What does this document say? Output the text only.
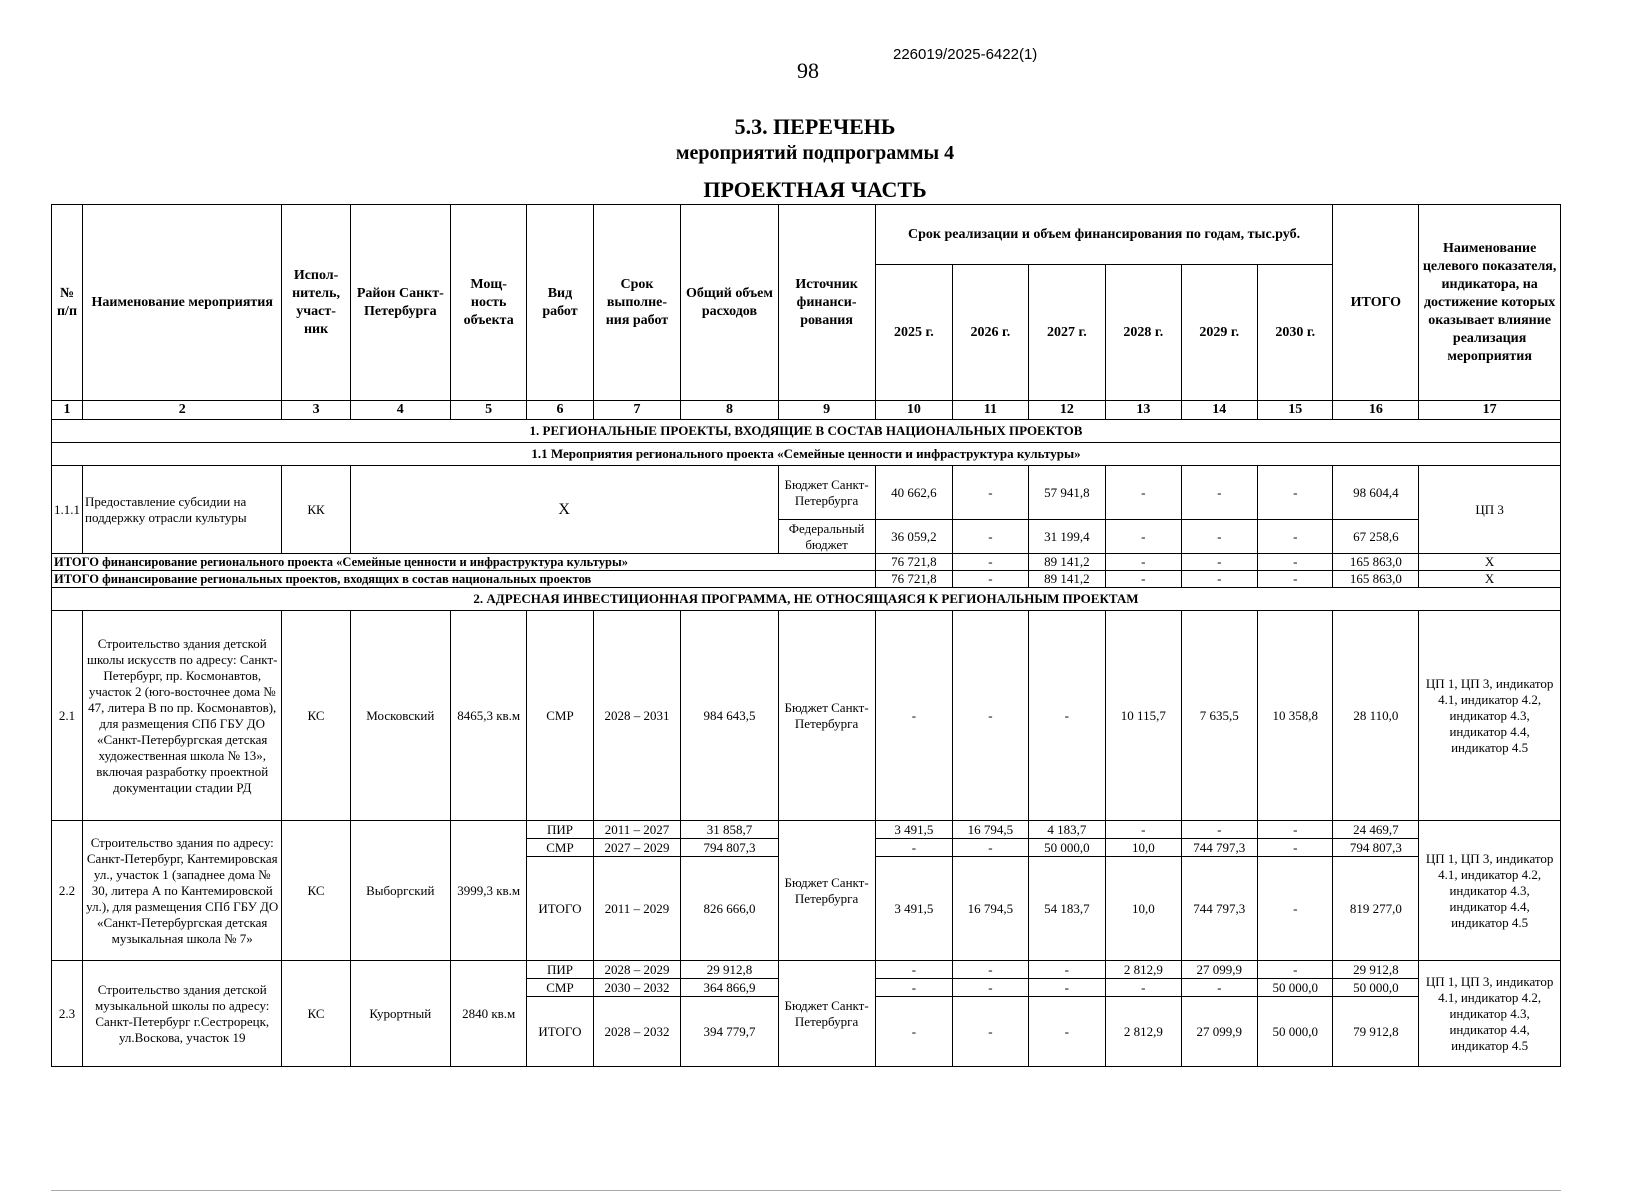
226019/2025-6422(1)
98
5.3. ПЕРЕЧЕНЬ
мероприятий подпрограммы 4
ПРОЕКТНАЯ ЧАСТЬ
№ п/п	Наименование мероприятия	Испол-нитель, участ-ник	Район Санкт-Петербурга	Мощ-ность объекта	Вид работ	Срок выполне-ния работ	Общий объем расходов	Источник финанси-рования	Срок реализации и объем финансирования по годам, тыс.руб.						ИТОГО	Наименование целевого показателя, индикатора, на достижение которых оказывает влияние реализация мероприятия
									2025 г.	2026 г.	2027 г.	2028 г.	2029 г.	2030 г.		
1	2	3	4	5	6	7	8	9	10	11	12	13	14	15	16	17
1. РЕГИОНАЛЬНЫЕ ПРОЕКТЫ, ВХОДЯЩИЕ В СОСТАВ НАЦИОНАЛЬНЫХ ПРОЕКТОВ																
1.1 Мероприятия регионального проекта «Семейные ценности и инфраструктура культуры»																
1.1.1	Предоставление субсидии на поддержку отрасли культуры	КК	Х					Бюджет Санкт-Петербурга	40 662,6	-	57 941,8	-	-	-	98 604,4	ЦП 3
								Федеральный бюджет	36 059,2	-	31 199,4	-	-	-	67 258,6	
ИТОГО финансирование регионального проекта «Семейные ценности и инфраструктура культуры»									76 721,8	-	89 141,2	-	-	-	165 863,0	Х
ИТОГО финансирование региональных проектов, входящих в состав национальных проектов									76 721,8	-	89 141,2	-	-	-	165 863,0	Х
2. АДРЕСНАЯ ИНВЕСТИЦИОННАЯ ПРОГРАММА, НЕ ОТНОСЯЩАЯСЯ К РЕГИОНАЛЬНЫМ ПРОЕКТАМ																
2.1	Строительство здания детской школы искусств по адресу: Санкт-Петербург, пр. Космонавтов, участок 2 (юго-восточнее дома № 47, литера В по пр. Космонавтов), для размещения СПб ГБУ ДО «Санкт-Петербургская детская художественная школа № 13», включая разработку проектной документации стадии РД	КС	Московский	8465,3 кв.м	СМР	2028 – 2031	984 643,5	Бюджет Санкт-Петербурга	-	-	-	10 115,7	7 635,5	10 358,8	28 110,0	ЦП 1, ЦП 3, индикатор 4.1, индикатор 4.2, индикатор 4.3, индикатор 4.4, индикатор 4.5
2.2	Строительство здания по адресу: Санкт-Петербург, Кантемировская ул., участок 1 (западнее дома № 30, литера А по Кантемировской ул.), для размещения СПб ГБУ ДО «Санкт-Петербургская детская музыкальная школа № 7»	КС	Выборгский	3999,3 кв.м	ПИР	2011 – 2027	31 858,7	Бюджет Санкт-Петербурга	3 491,5	16 794,5	4 183,7	-	-	-	24 469,7	ЦП 1, ЦП 3, индикатор 4.1, индикатор 4.2, индикатор 4.3, индикатор 4.4, индикатор 4.5
					СМР	2027 – 2029	794 807,3		-	-	50 000,0	10,0	744 797,3	-	794 807,3	
					ИТОГО	2011 – 2029	826 666,0		3 491,5	16 794,5	54 183,7	10,0	744 797,3	-	819 277,0	
2.3	Строительство здания детской музыкальной школы по адресу: Санкт-Петербург г.Сестрорецк, ул.Воскова, участок 19	КС	Курортный	2840 кв.м	ПИР	2028 – 2029	29 912,8	Бюджет Санкт-Петербурга	-	-	-	2 812,9	27 099,9	-	29 912,8	ЦП 1, ЦП 3, индикатор 4.1, индикатор 4.2, индикатор 4.3, индикатор 4.4, индикатор 4.5
					СМР	2030 – 2032	364 866,9		-	-	-	-	-	50 000,0	50 000,0	
					ИТОГО	2028 – 2032	394 779,7		-	-	-	2 812,9	27 099,9	50 000,0	79 912,8	
